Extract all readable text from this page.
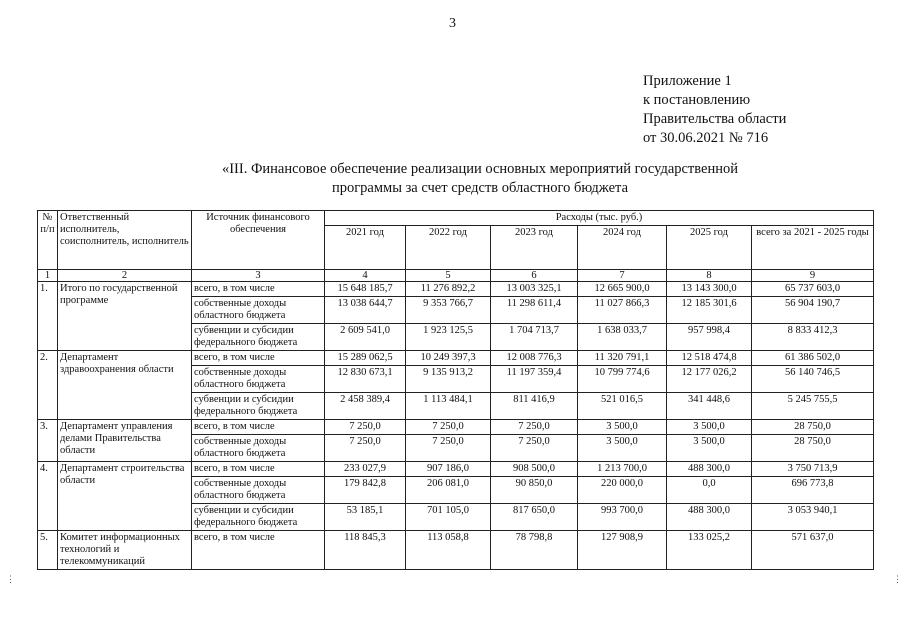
3
Приложение 1
к постановлению
Правительства области
от 30.06.2021 № 716
«III. Финансовое обеспечение реализации основных мероприятий государственной
программы за счет средств областного бюджета
№ п/п	Ответственный исполнитель, соисполнитель, исполнитель	Источник финансового обеспечения	Расходы (тыс. руб.)					
			2021 год	2022 год	2023 год	2024 год	2025 год	всего за 2021 - 2025 годы
1	2	3	4	5	6	7	8	9
1.	Итого по государственной программе	всего, в том числе	15 648 185,7	11 276 892,2	13 003 325,1	12 665 900,0	13 143 300,0	65 737 603,0
		собственные доходы областного бюджета	13 038 644,7	9 353 766,7	11 298 611,4	11 027 866,3	12 185 301,6	56 904 190,7
		субвенции и субсидии федерального бюджета	2 609 541,0	1 923 125,5	1 704 713,7	1 638 033,7	957 998,4	8 833 412,3
2.	Департамент здравоохранения области	всего, в том числе	15 289 062,5	10 249 397,3	12 008 776,3	11 320 791,1	12 518 474,8	61 386 502,0
		собственные доходы областного бюджета	12 830 673,1	9 135 913,2	11 197 359,4	10 799 774,6	12 177 026,2	56 140 746,5
		субвенции и субсидии федерального бюджета	2 458 389,4	1 113 484,1	811 416,9	521 016,5	341 448,6	5 245 755,5
3.	Департамент управления делами Правительства области	всего, в том числе	7 250,0	7 250,0	7 250,0	3 500,0	3 500,0	28 750,0
		собственные доходы областного бюджета	7 250,0	7 250,0	7 250,0	3 500,0	3 500,0	28 750,0
4.	Департамент строительства области	всего, в том числе	233 027,9	907 186,0	908 500,0	1 213 700,0	488 300,0	3 750 713,9
		собственные доходы областного бюджета	179 842,8	206 081,0	90 850,0	220 000,0	0,0	696 773,8
		субвенции и субсидии федерального бюджета	53 185,1	701 105,0	817 650,0	993 700,0	488 300,0	3 053 940,1
5.	Комитет информационных технологий и телекоммуникаций	всего, в том числе	118 845,3	113 058,8	78 798,8	127 908,9	133 025,2	571 637,0
⋮	⋮
